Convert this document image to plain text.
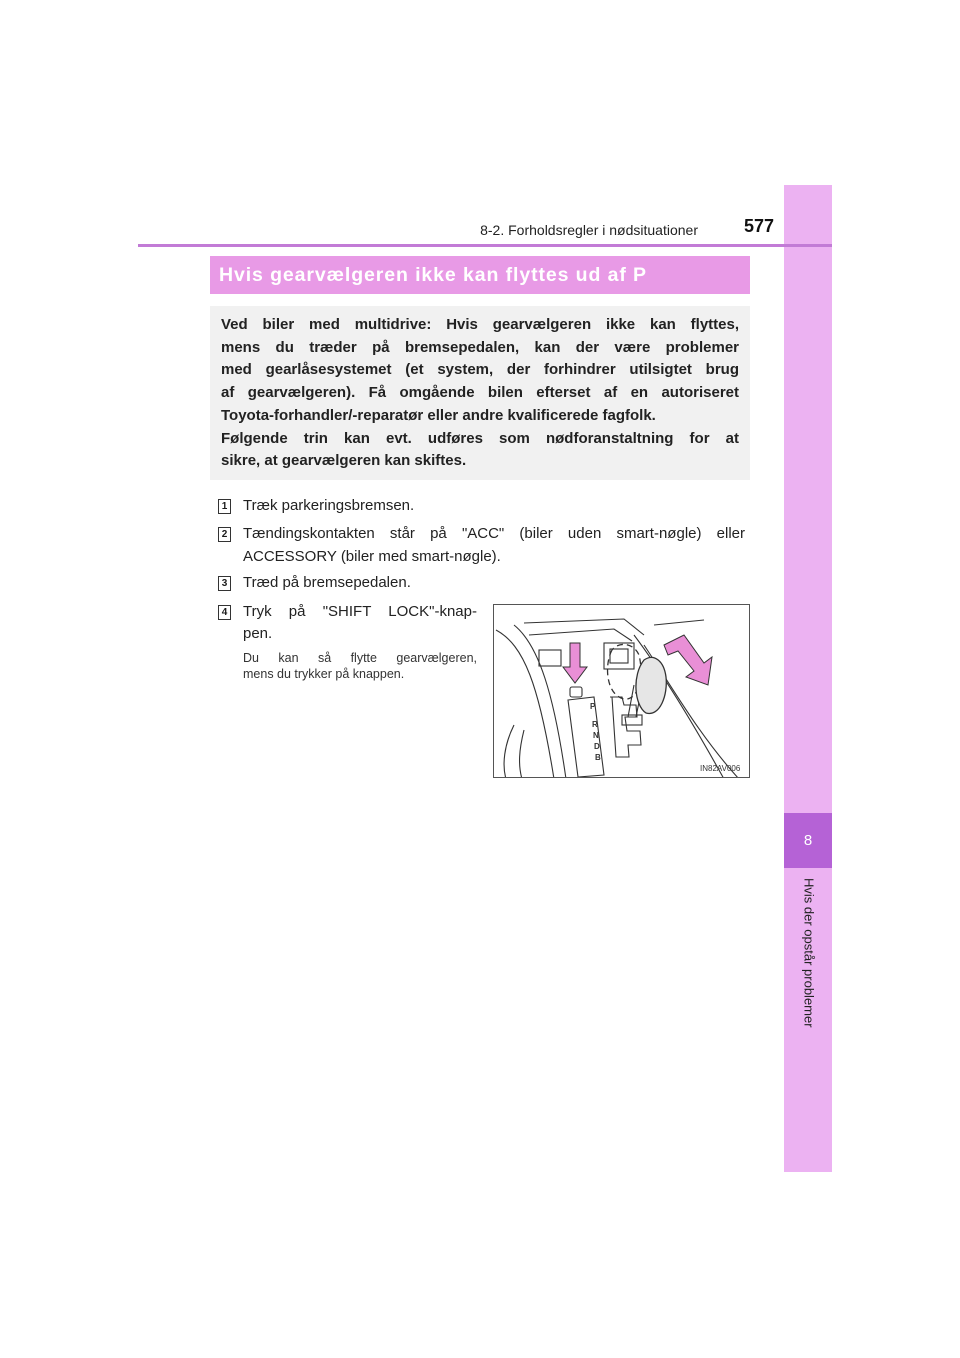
8
Hvis der opstår problemer
8-2. Forholdsregler i nødsituationer	577
Hvis gearvælgeren ikke kan flyttes ud af P

Ved biler med multidrive: Hvis gearvælgeren ikke kan flyttes,

mens du træder på bremsepedalen, kan der være problemer

med gearlåsesystemet (et system, der forhindrer utilsigtet brug

af gearvælgeren). Få omgående bilen efterset af en autoriseret

Toyota-forhandler/-reparatør eller andre kvalificerede fagfolk.

Følgende trin kan evt. udføres som nødforanstaltning for at

sikre, at gearvælgeren kan skiftes.

1 Træk parkeringsbremsen.
2 Tændingskontakten står på "ACC" (biler uden smart-nøgle) eller
ACCESSORY (biler med smart-nøgle).
3 Træd på bremsepedalen.
4 Tryk på "SHIFT LOCK"-knap-
pen.
Du kan så flytte gearvælgeren,
mens du trykker på knappen.
P
R
N
D
B
IN82AV006
